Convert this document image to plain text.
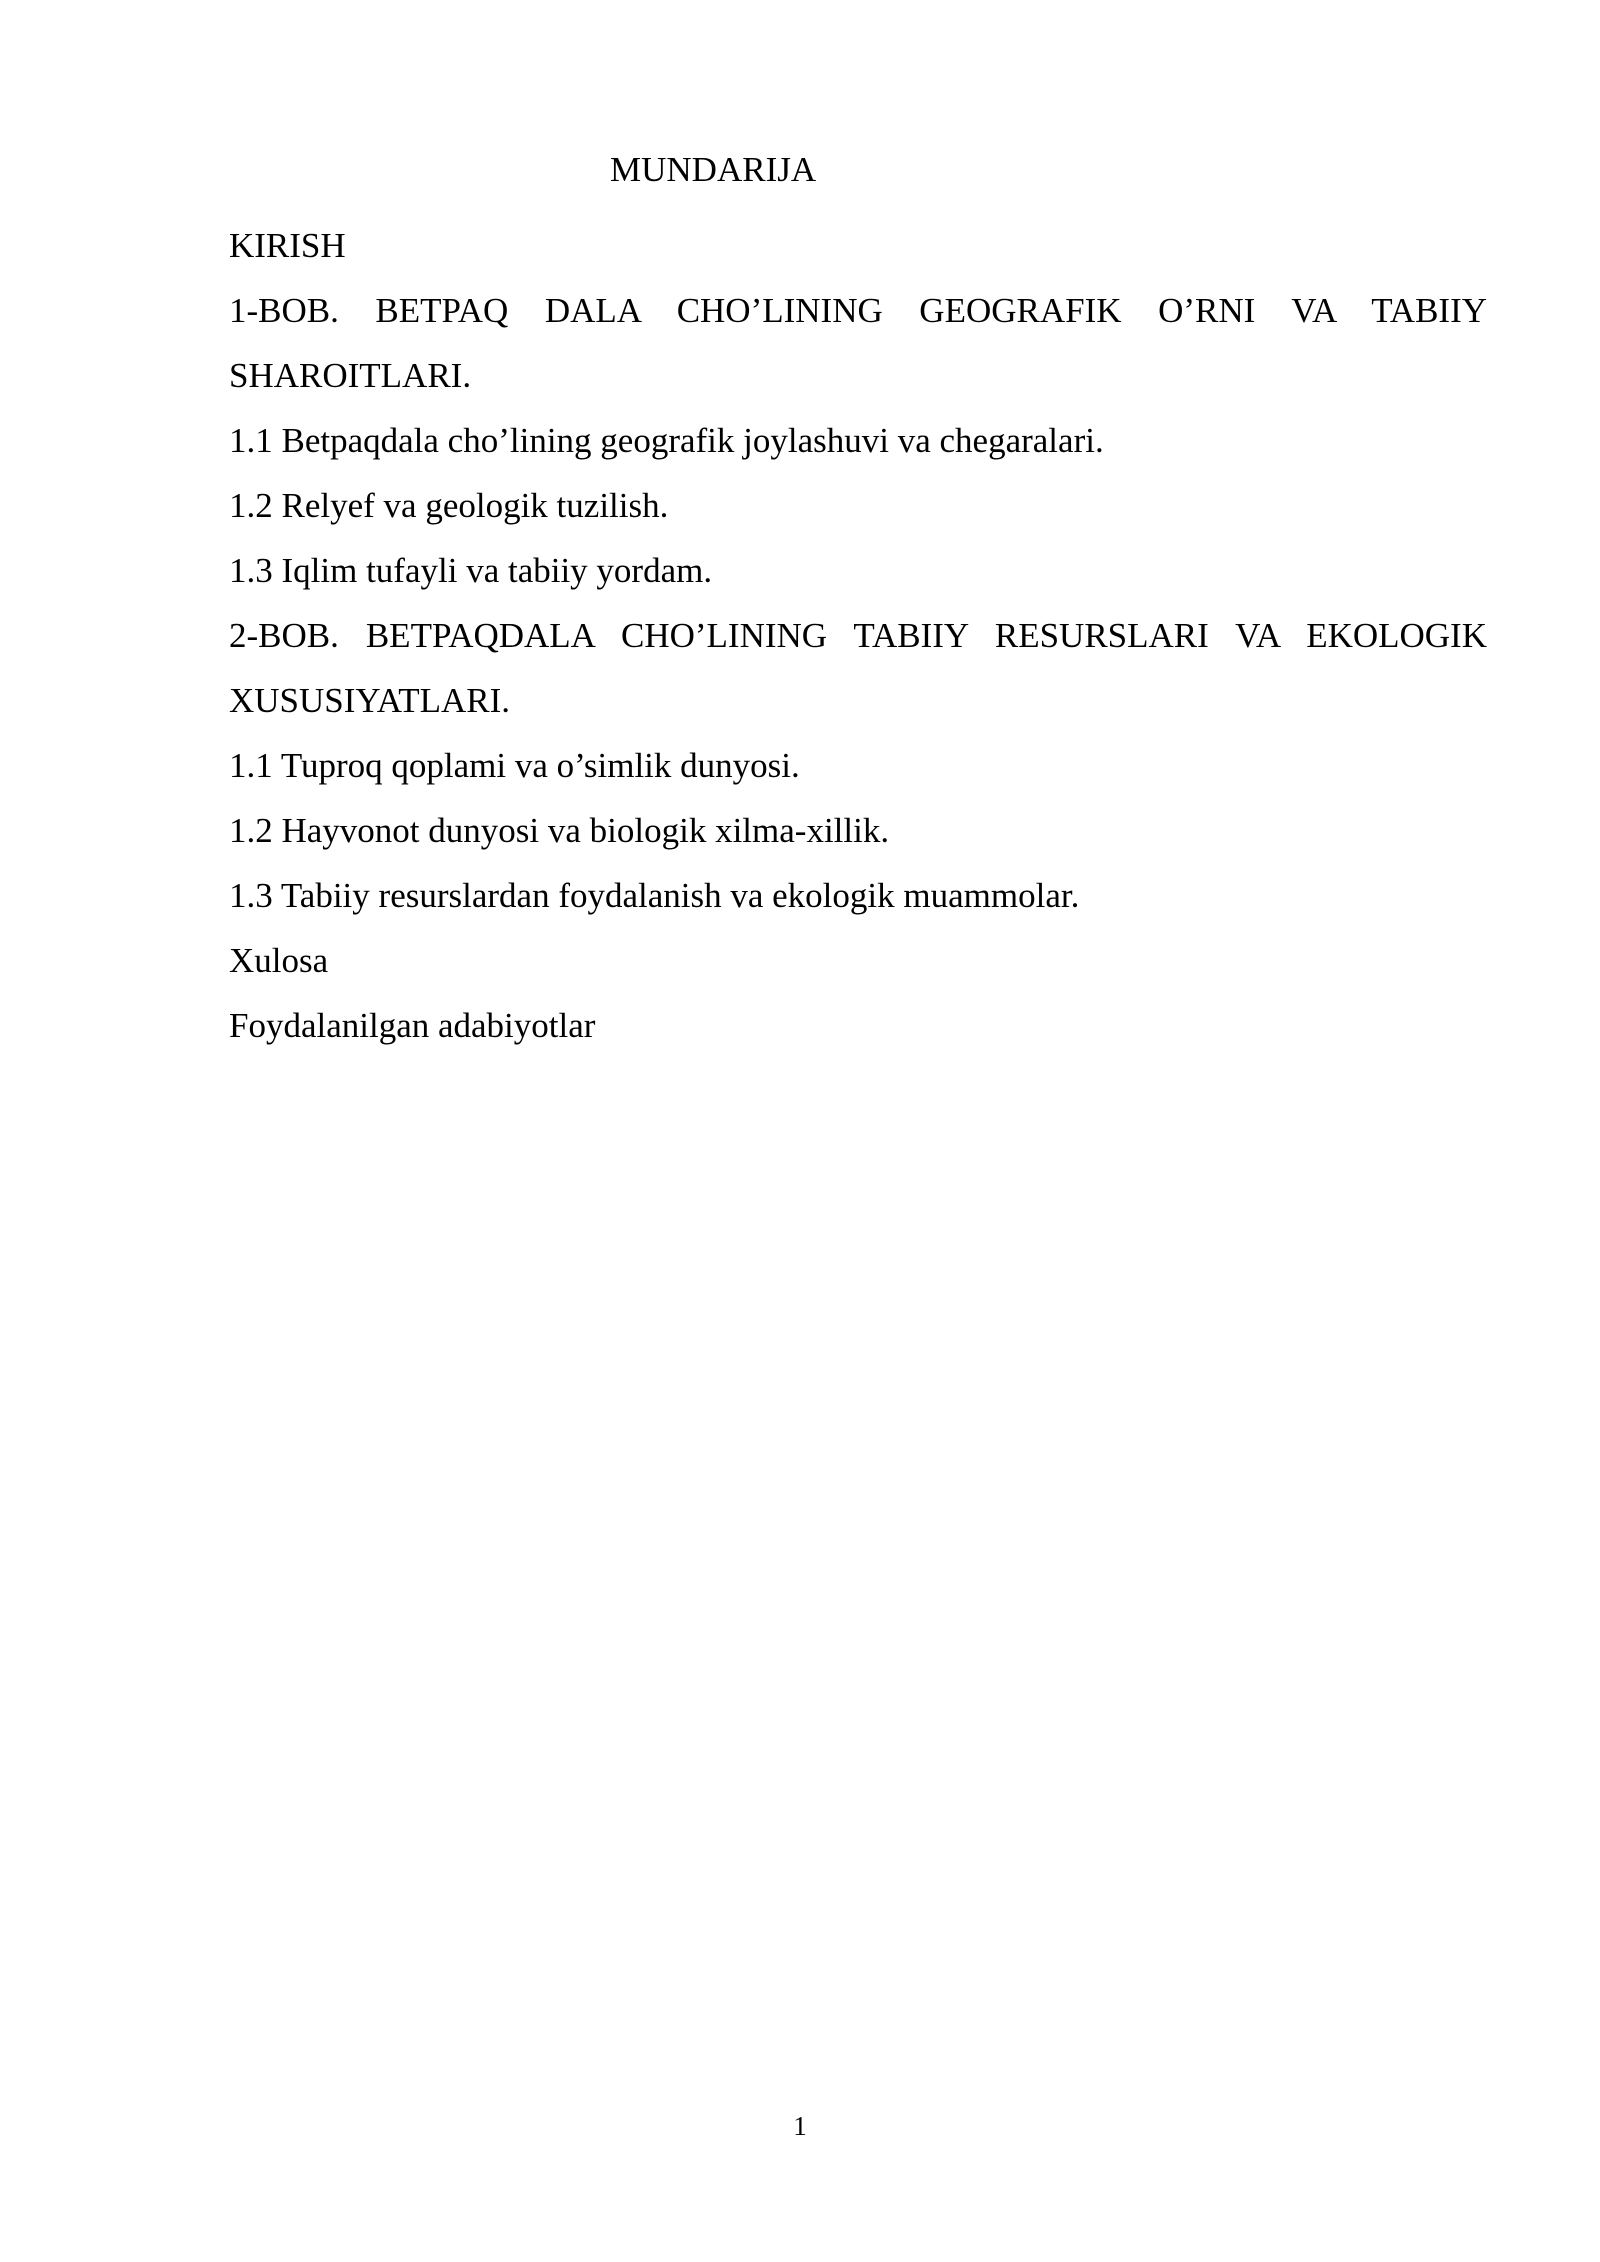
MUNDARIJA
KIRISH
1-BOB. BETPAQ DALA CHO’LINING GEOGRAFIK O’RNI VA TABIIY
SHAROITLARI.
1.1 Betpaqdala cho’lining geografik joylashuvi va chegaralari.
1.2 Relyef va geologik tuzilish.
1.3 Iqlim tufayli va tabiiy yordam.
2-BOB. BETPAQDALA CHO’LINING TABIIY RESURSLARI VA EKOLOGIK
XUSUSIYATLARI.
1.1 Tuproq qoplami va o’simlik dunyosi.
1.2 Hayvonot dunyosi va biologik xilma-xillik.
1.3 Tabiiy resurslardan foydalanish va ekologik muammolar.
Xulosa
Foydalanilgan adabiyotlar
1
